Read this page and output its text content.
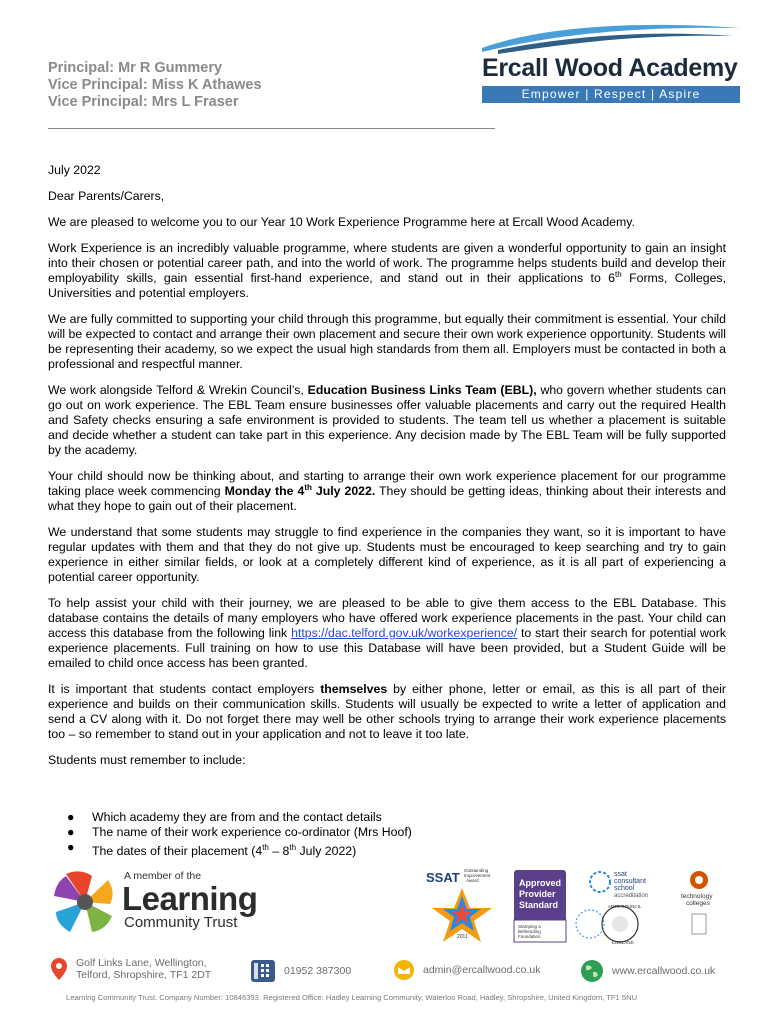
Principal: Mr R Gummery
Vice Principal: Miss K Athawes
Vice Principal: Mrs L Fraser
Ercall Wood Academy
Empower | Respect | Aspire

July 2022

Dear Parents/Carers,

We are pleased to welcome you to our Year 10 Work Experience Programme here at Ercall Wood Academy.

Work Experience is an incredibly valuable programme, where students are given a wonderful opportunity to gain an insight into their chosen or potential career path, and into the world of work. The programme helps students build and develop their employability skills, gain essential first-hand experience, and stand out in their applications to 6th Forms, Colleges, Universities and potential employers.

We are fully committed to supporting your child through this programme, but equally their commitment is essential. Your child will be expected to contact and arrange their own placement and secure their own work experience opportunity. Students will be representing their academy, so we expect the usual high standards from them all. Employers must be contacted in both a professional and respectful manner.

We work alongside Telford & Wrekin Council’s, Education Business Links Team (EBL), who govern whether students can go out on work experience. The EBL Team ensure businesses offer valuable placements and carry out the required Health and Safety checks ensuring a safe environment is provided to students. The team tell us whether a placement is suitable and decide whether a student can take part in this experience. Any decision made by The EBL Team will be fully supported by the academy.

Your child should now be thinking about, and starting to arrange their own work experience placement for our programme taking place week commencing Monday the 4th July 2022. They should be getting ideas, thinking about their interests and what they hope to gain out of their placement.

We understand that some students may struggle to find experience in the companies they want, so it is important to have regular updates with them and that they do not give up. Students must be encouraged to keep searching and try to gain experience in either similar fields, or look at a completely different kind of experience, as it is all part of experiencing a potential career opportunity.

To help assist your child with their journey, we are pleased to be able to give them access to the EBL Database. This database contains the details of many employers who have offered work experience placements in the past. Your child can access this database from the following link https://dac.telford.gov.uk/workexperience/ to start their search for potential work experience placements. Full training on how to use this Database will have been provided, but a Student Guide will be emailed to child once access has been granted.

It is important that students contact employers themselves by either phone, letter or email, as this is all part of their experience and builds on their communication skills. Students will usually be expected to write a letter of application and send a CV along with it. Do not forget there may well be other schools trying to arrange their work experience placements too – so remember to stand out in your application and not to leave it too late.

Students must remember to include:

● Which academy they are from and the contact details
● The name of their work experience co-ordinator (Mrs Hoof)
● The dates of their placement (4th – 8th July 2022)
A member of the
Learning
Community Trust
SSAT Outstanding
Improvement
Award
2011
Approved
Provider
Standard
Stamping a
Befriending
Foundation
ssat
consultant
school
accreditation
ARTS COUNCIL
ENGLAND
technology
colleges
Golf Links Lane, Wellington,
Telford, Shropshire, TF1 2DT	01952 387300	admin@ercallwood.co.uk	www.ercallwood.co.uk
Learning Community Trust. Company Number: 10846393. Registered Office: Hadley Learning Community, Waterloo Road, Hadley, Shropshire, United Kingdom, TF1 5NU
